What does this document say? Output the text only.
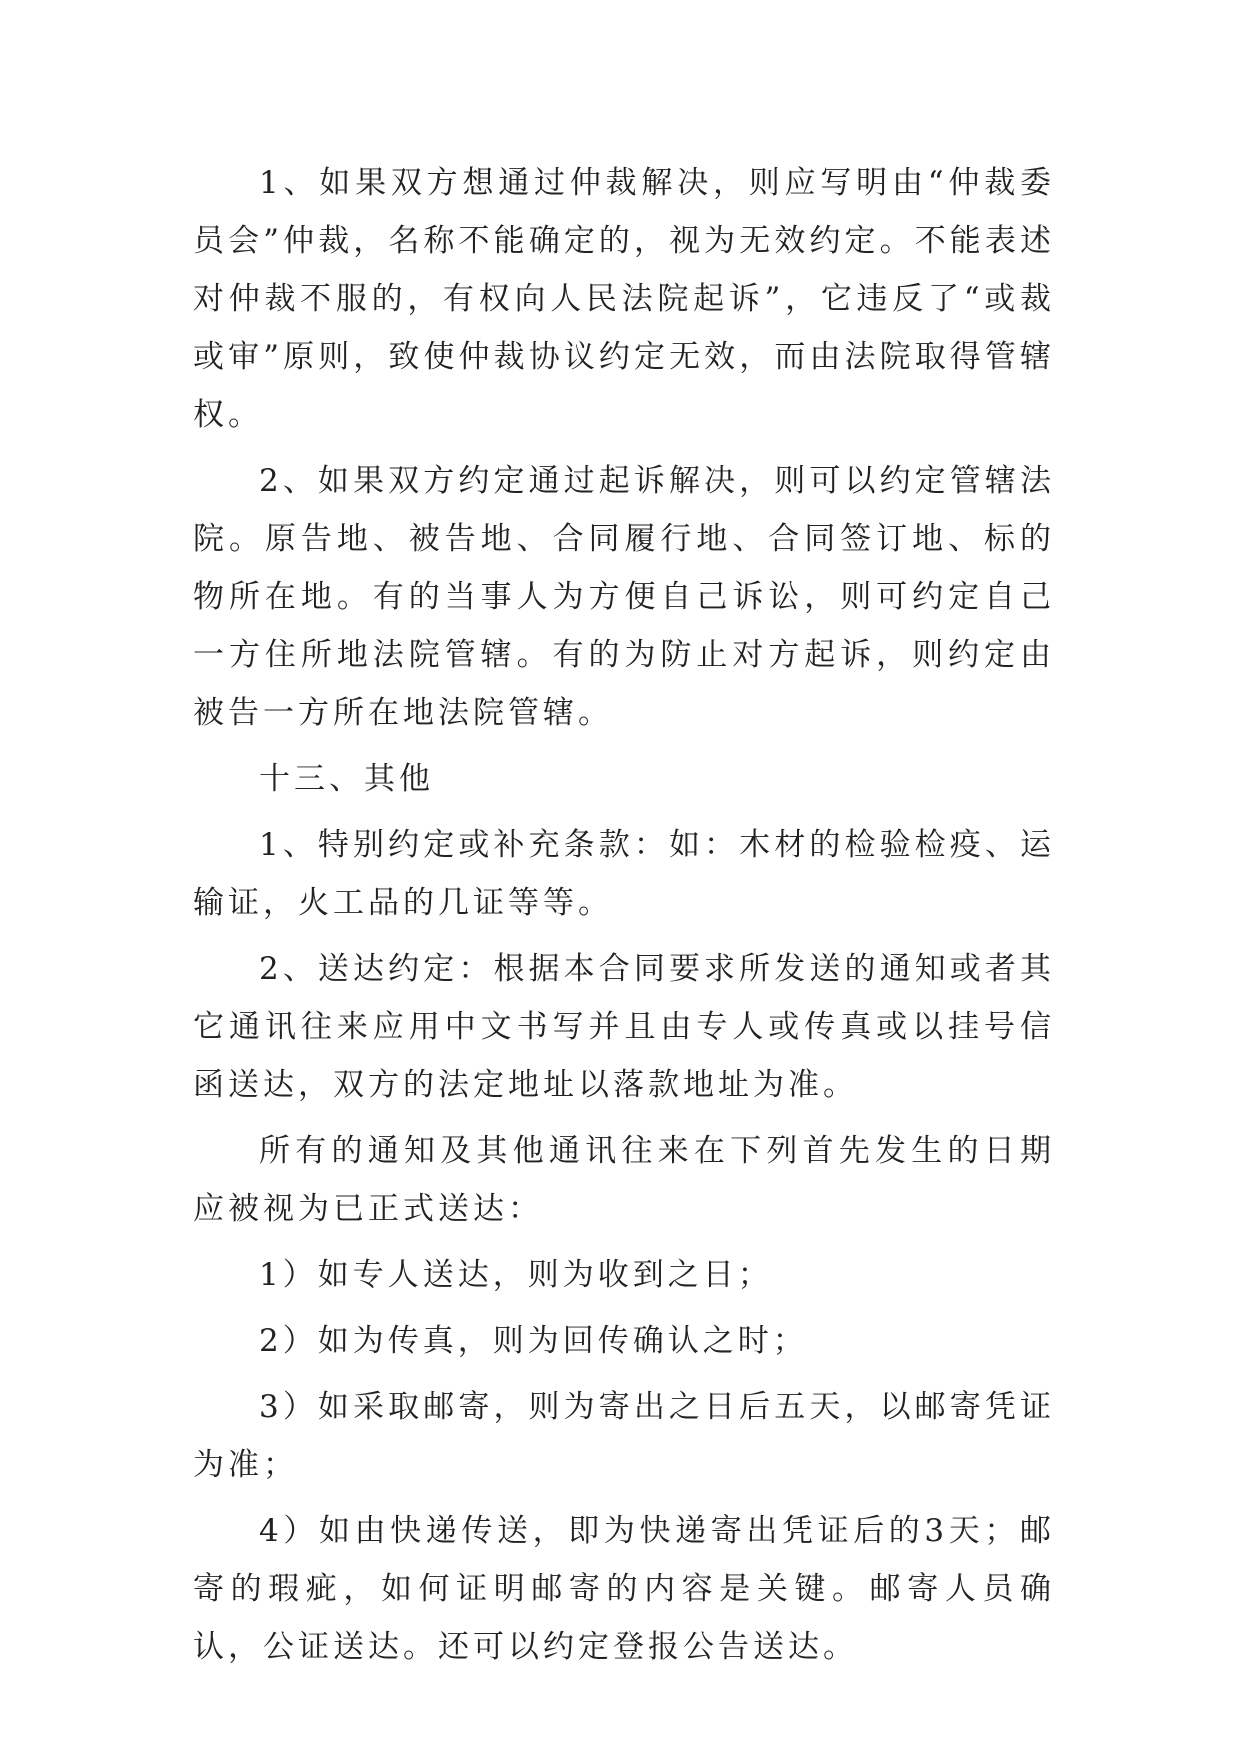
1、如果双方想通过仲裁解决，则应写明由“仲裁委员会”仲裁，名称不能确定的，视为无效约定。不能表述对仲裁不服的，有权向人民法院起诉”，它违反了“或裁或审”原则，致使仲裁协议约定无效，而由法院取得管辖权。

2、如果双方约定通过起诉解决，则可以约定管辖法院。原告地、被告地、合同履行地、合同签订地、标的物所在地。有的当事人为方便自己诉讼，则可约定自己一方住所地法院管辖。有的为防止对方起诉，则约定由被告一方所在地法院管辖。

十三、其他

1、特别约定或补充条款：如：木材的检验检疫、运输证，火工品的几证等等。

2、送达约定：根据本合同要求所发送的通知或者其它通讯往来应用中文书写并且由专人或传真或以挂号信函送达，双方的法定地址以落款地址为准。

所有的通知及其他通讯往来在下列首先发生的日期应被视为已正式送达：

1）如专人送达，则为收到之日；

2）如为传真，则为回传确认之时；

3）如采取邮寄，则为寄出之日后五天，以邮寄凭证为准；

4）如由快递传送，即为快递寄出凭证后的3天；邮寄的瑕疵，如何证明邮寄的内容是关键。邮寄人员确认，公证送达。还可以约定登报公告送达。
